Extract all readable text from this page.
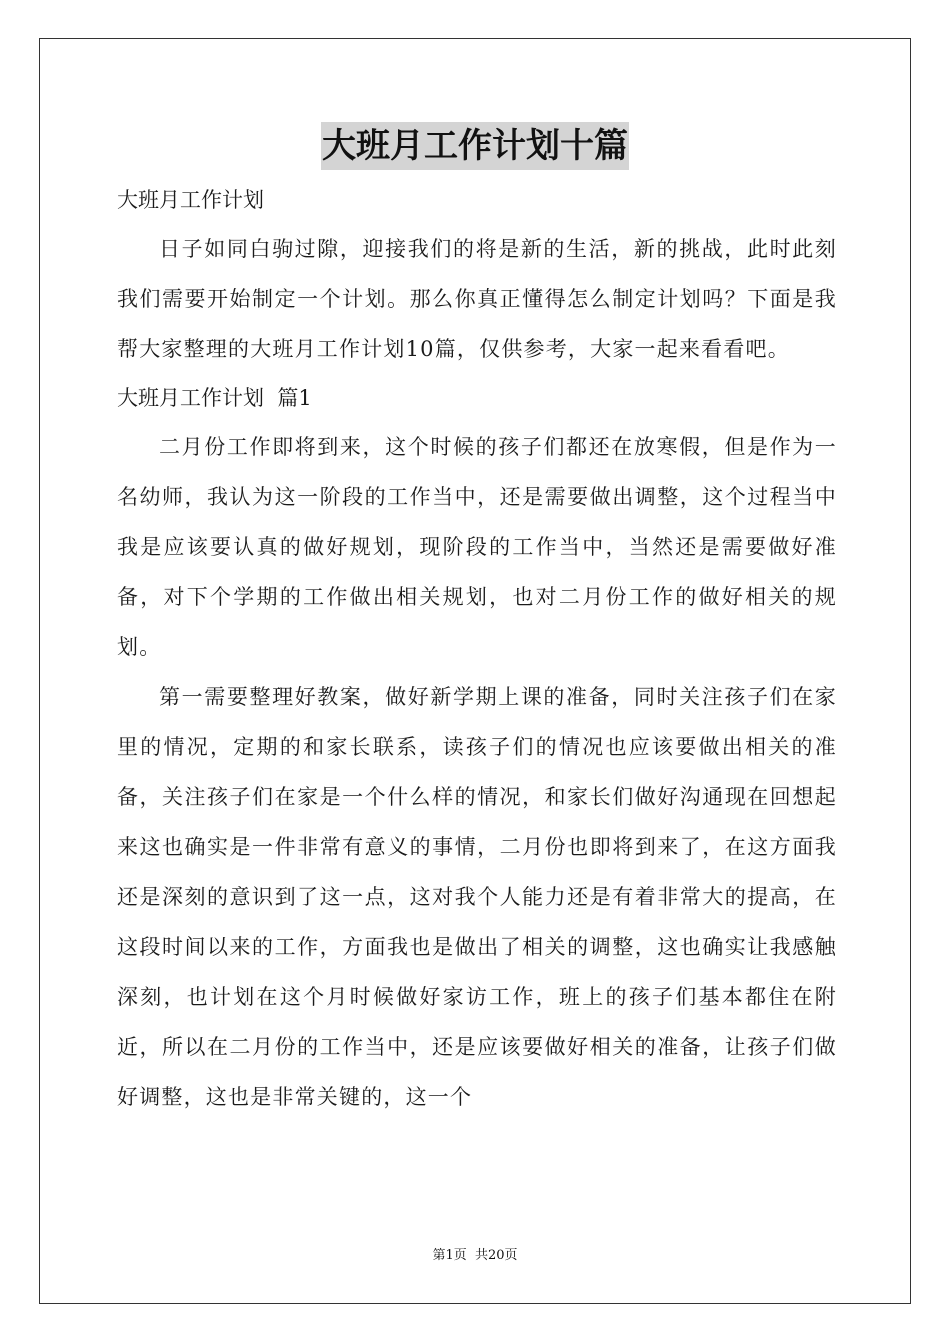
大班月工作计划十篇

大班月工作计划

日子如同白驹过隙，迎接我们的将是新的生活，新的挑战，此时此刻我们需要开始制定一个计划。那么你真正懂得怎么制定计划吗？下面是我帮大家整理的大班月工作计划10篇，仅供参考，大家一起来看看吧。

大班月工作计划  篇1

二月份工作即将到来，这个时候的孩子们都还在放寒假，但是作为一名幼师，我认为这一阶段的工作当中，还是需要做出调整，这个过程当中我是应该要认真的做好规划，现阶段的工作当中，当然还是需要做好准备，对下个学期的工作做出相关规划，也对二月份工作的做好相关的规划。

第一需要整理好教案，做好新学期上课的准备，同时关注孩子们在家里的情况，定期的和家长联系，读孩子们的情况也应该要做出相关的准备，关注孩子们在家是一个什么样的情况，和家长们做好沟通现在回想起来这也确实是一件非常有意义的事情，二月份也即将到来了，在这方面我还是深刻的意识到了这一点，这对我个人能力还是有着非常大的提高，在这段时间以来的工作，方面我也是做出了相关的调整，这也确实让我感触深刻，也计划在这个月时候做好家访工作，班上的孩子们基本都住在附近，所以在二月份的工作当中，还是应该要做好相关的准备，让孩子们做好调整，这也是非常关键的，这一个

第1页  共20页
